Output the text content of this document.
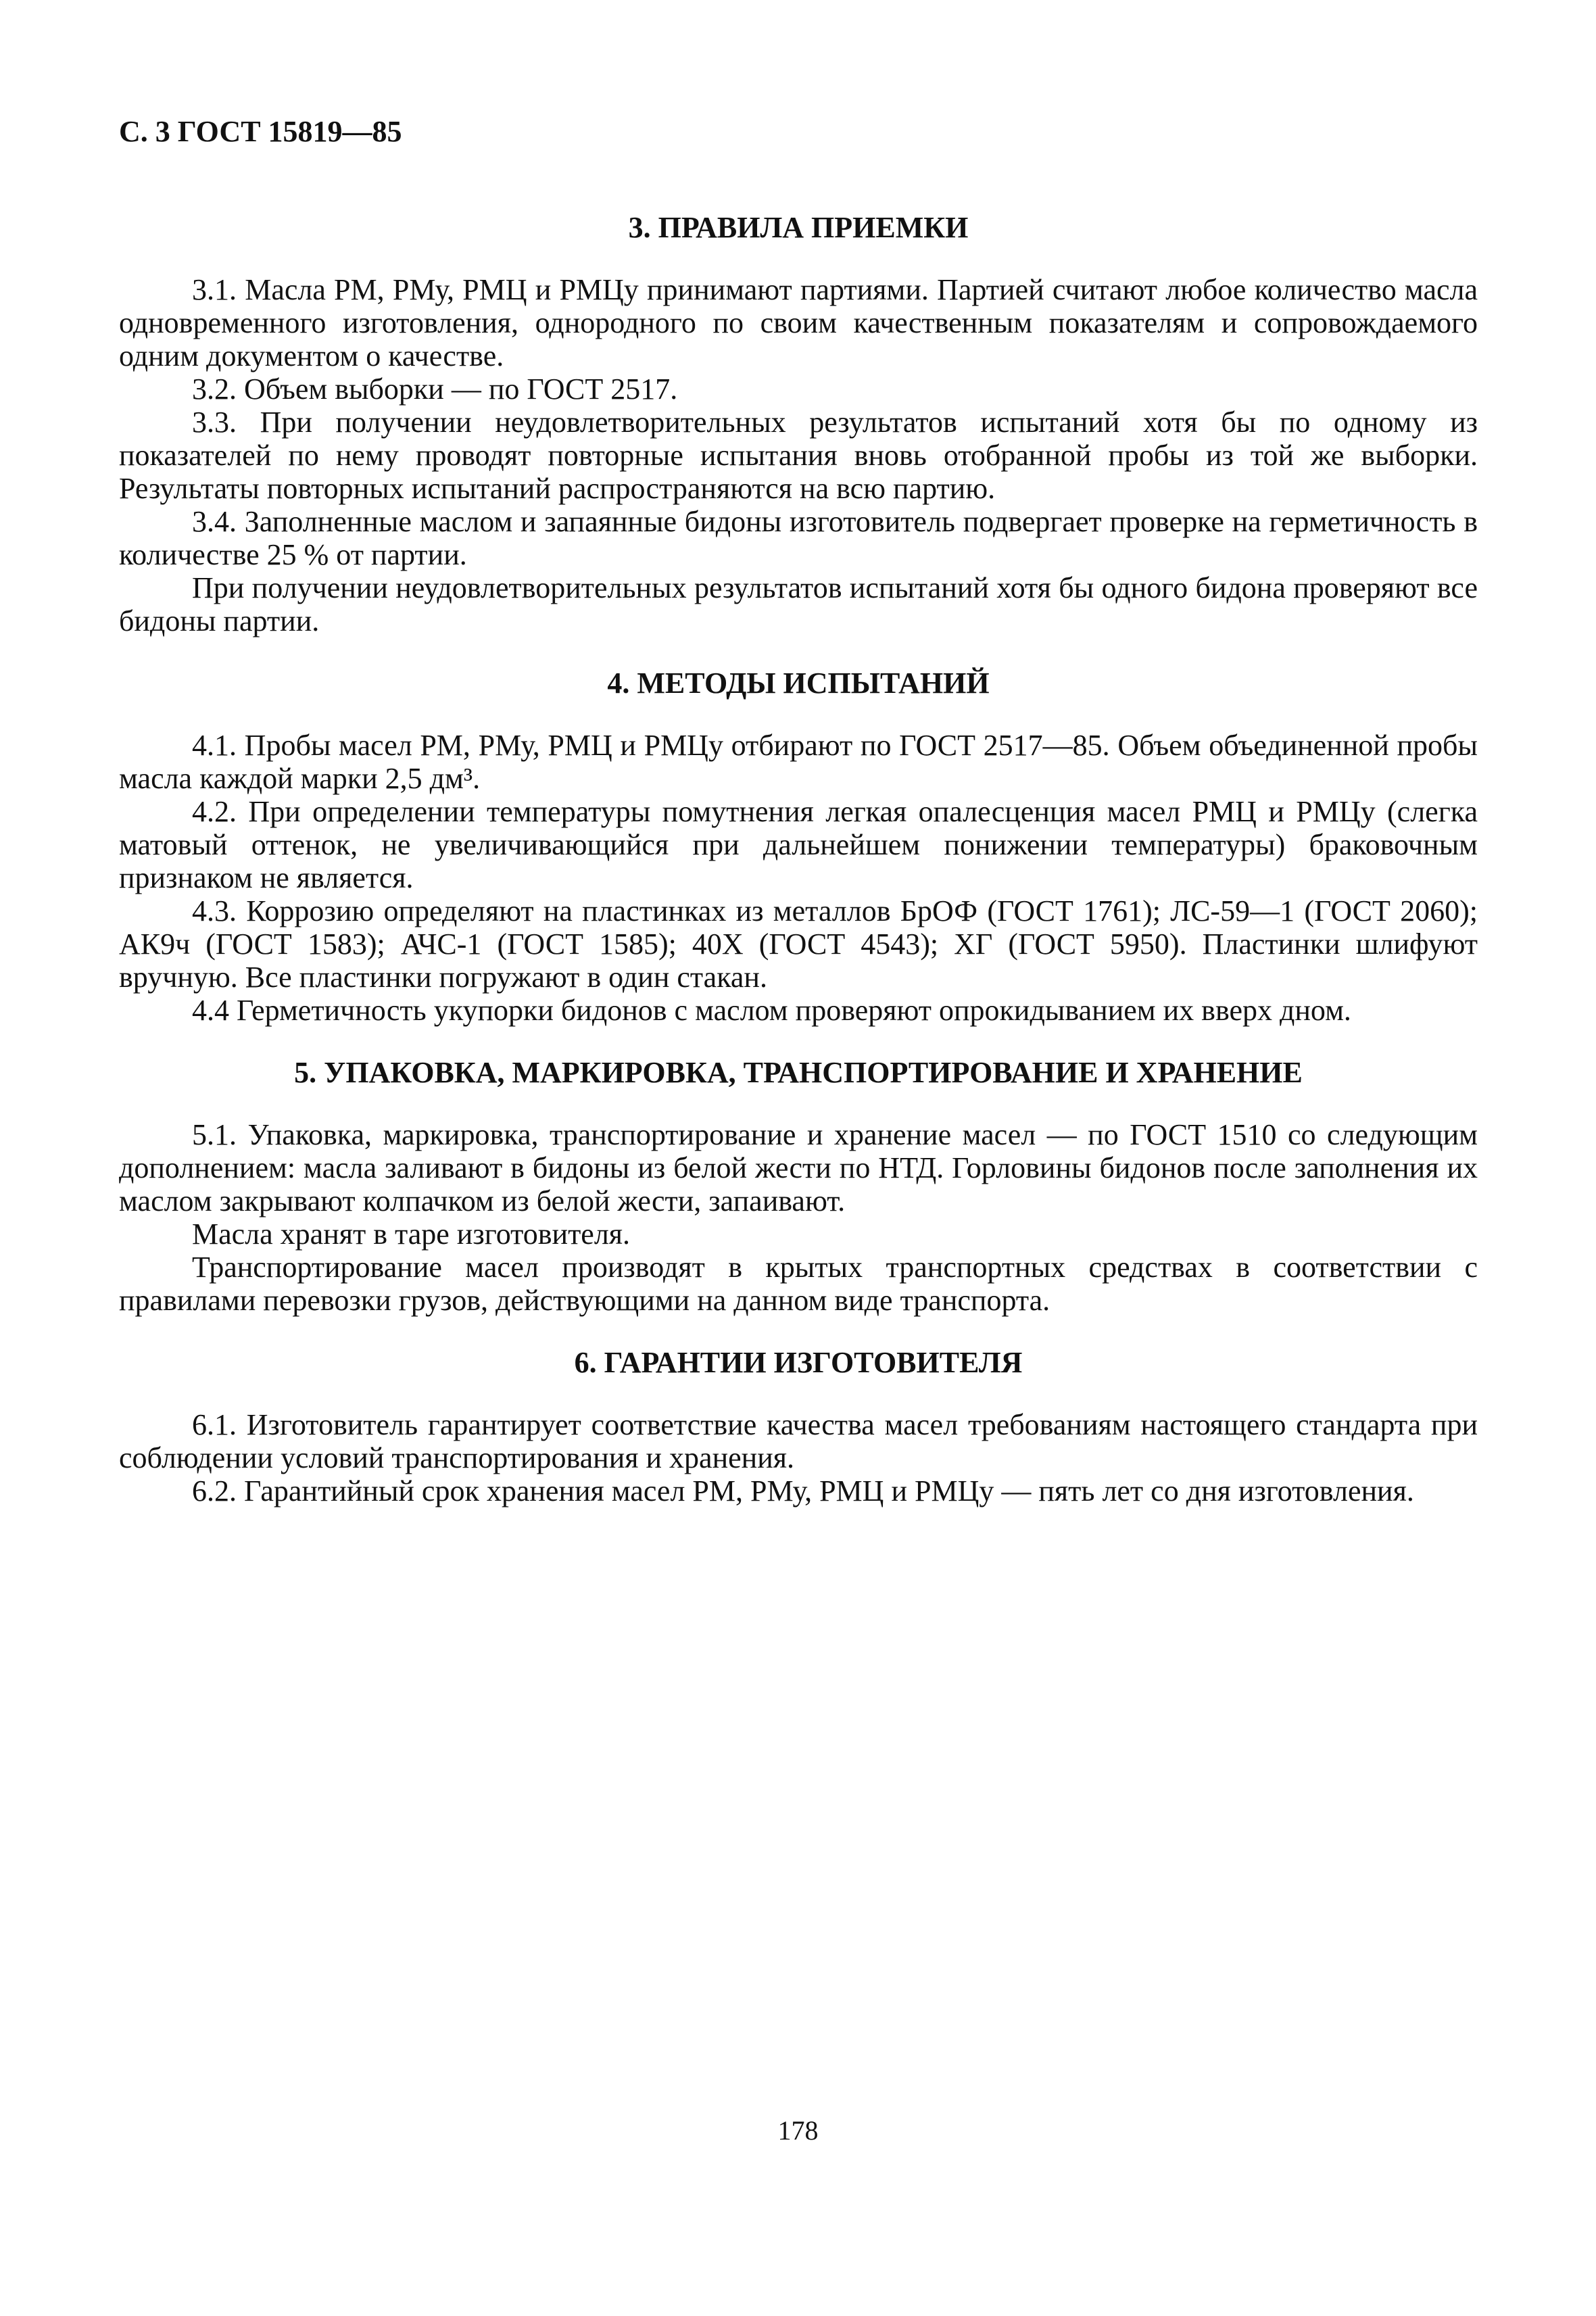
С. 3 ГОСТ 15819—85
3. ПРАВИЛА ПРИЕМКИ

3.1. Масла РМ, РМу, РМЦ и РМЦу принимают партиями. Партией считают любое количество масла одновременного изготовления, однородного по своим качественным показателям и сопровождаемого одним документом о качестве.

3.2. Объем выборки — по ГОСТ 2517.

3.3. При получении неудовлетворительных результатов испытаний хотя бы по одному из показателей по нему проводят повторные испытания вновь отобранной пробы из той же выборки. Результаты повторных испытаний распространяются на всю партию.

3.4. Заполненные маслом и запаянные бидоны изготовитель подвергает проверке на герметичность в количестве 25 % от партии.

При получении неудовлетворительных результатов испытаний хотя бы одного бидона проверяют все бидоны партии.

4. МЕТОДЫ ИСПЫТАНИЙ

4.1. Пробы масел РМ, РМу, РМЦ и РМЦу отбирают по ГОСТ 2517—85. Объем объединенной пробы масла каждой марки 2,5 дм³.

4.2. При определении температуры помутнения легкая опалесценция масел РМЦ и РМЦу (слегка матовый оттенок, не увеличивающийся при дальнейшем понижении температуры) браковочным признаком не является.

4.3. Коррозию определяют на пластинках из металлов БрОФ (ГОСТ 1761); ЛС-59—1 (ГОСТ 2060); АК9ч (ГОСТ 1583); АЧС-1 (ГОСТ 1585); 40Х (ГОСТ 4543); ХГ (ГОСТ 5950). Пластинки шлифуют вручную. Все пластинки погружают в один стакан.

4.4 Герметичность укупорки бидонов с маслом проверяют опрокидыванием их вверх дном.

5. УПАКОВКА, МАРКИРОВКА, ТРАНСПОРТИРОВАНИЕ И ХРАНЕНИЕ

5.1. Упаковка, маркировка, транспортирование и хранение масел — по ГОСТ 1510 со следующим дополнением: масла заливают в бидоны из белой жести по НТД. Горловины бидонов после заполнения их маслом закрывают колпачком из белой жести, запаивают.

Масла хранят в таре изготовителя.

Транспортирование масел производят в крытых транспортных средствах в соответствии с правилами перевозки грузов, действующими на данном виде транспорта.

6. ГАРАНТИИ ИЗГОТОВИТЕЛЯ

6.1. Изготовитель гарантирует соответствие качества масел требованиям настоящего стандарта при соблюдении условий транспортирования и хранения.

6.2. Гарантийный срок хранения масел РМ, РМу, РМЦ и РМЦу — пять лет со дня изготовления.

178
